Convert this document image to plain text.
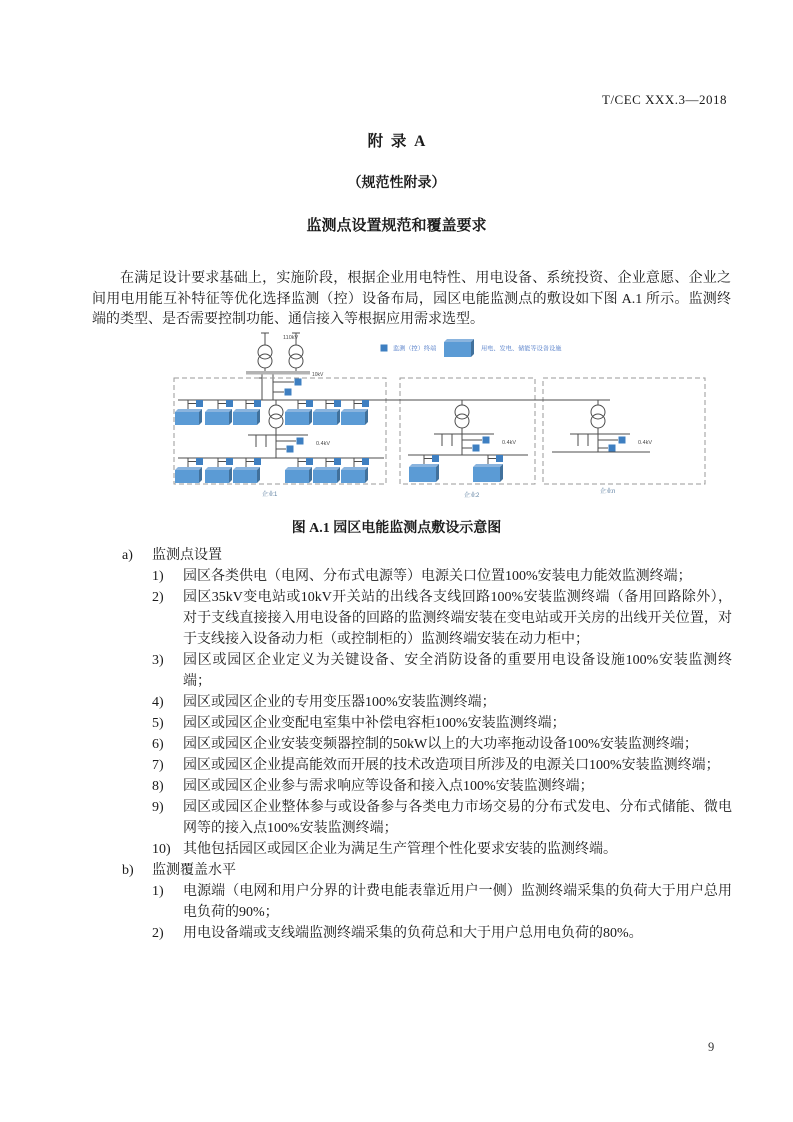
T/CEC XXX.3—2018
附  录  A
（规范性附录）
监测点设置规范和覆盖要求

在满足设计要求基础上，实施阶段，根据企业用电特性、用电设备、系统投资、企业意愿、企业之间用电用能互补特征等优化选择监测（控）设备布局，园区电能监测点的敷设如下图 A.1 所示。监测终端的类型、是否需要控制功能、通信接入等根据应用需求选型。

110kV
10kV
监测（控）终端	用电、发电、储能等设备设施
企业1	企业2
企业n
0.4kV	0.4kV	0.4kV
图 A.1 园区电能监测点敷设示意图
a)	监测点设置
1)	园区各类供电（电网、分布式电源等）电源关口位置100%安装电力能效监测终端；
2)	园区35kV变电站或10kV开关站的出线各支线回路100%安装监测终端（备用回路除外），对于支线直接接入用电设备的回路的监测终端安装在变电站或开关房的出线开关位置，对于支线接入设备动力柜（或控制柜的）监测终端安装在动力柜中；
3)	园区或园区企业定义为关键设备、安全消防设备的重要用电设备设施100%安装监测终端；
4)	园区或园区企业的专用变压器100%安装监测终端；
5)	园区或园区企业变配电室集中补偿电容柜100%安装监测终端；
6)	园区或园区企业安装变频器控制的50kW以上的大功率拖动设备100%安装监测终端；
7)	园区或园区企业提高能效而开展的技术改造项目所涉及的电源关口100%安装监测终端；
8)	园区或园区企业参与需求响应等设备和接入点100%安装监测终端；
9)	园区或园区企业整体参与或设备参与各类电力市场交易的分布式发电、分布式储能、微电网等的接入点100%安装监测终端；
10) 其他包括园区或园区企业为满足生产管理个性化要求安装的监测终端。
b)	监测覆盖水平
1)	电源端（电网和用户分界的计费电能表靠近用户一侧）监测终端采集的负荷大于用户总用电负荷的90%；
2)	用电设备端或支线端监测终端采集的负荷总和大于用户总用电负荷的80%。
9
